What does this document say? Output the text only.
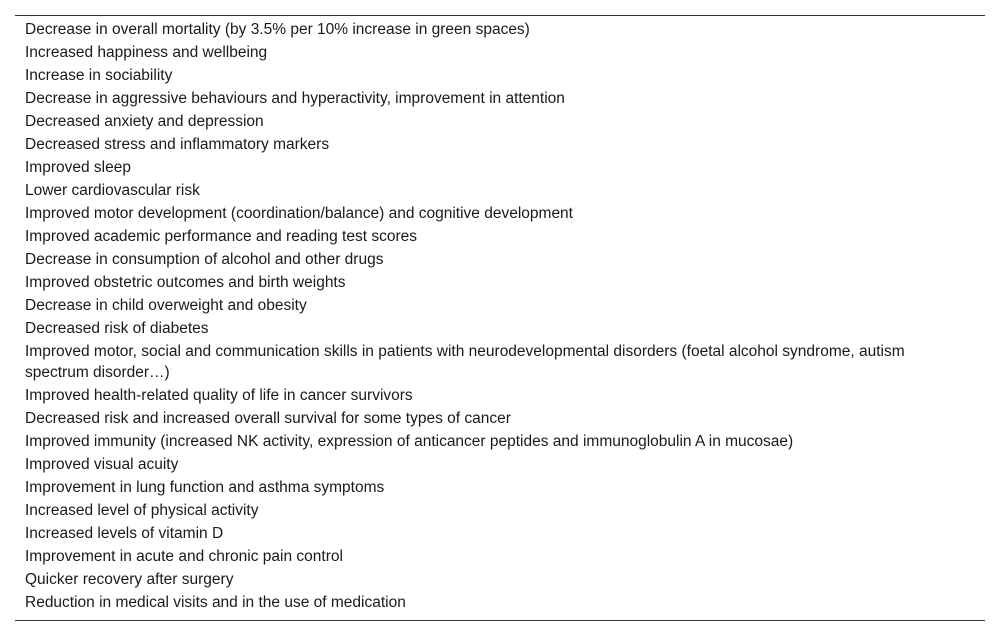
Decrease in overall mortality (by 3.5% per 10% increase in green spaces)
Increased happiness and wellbeing
Increase in sociability
Decrease in aggressive behaviours and hyperactivity, improvement in attention
Decreased anxiety and depression
Decreased stress and inflammatory markers
Improved sleep
Lower cardiovascular risk
Improved motor development (coordination/balance) and cognitive development
Improved academic performance and reading test scores
Decrease in consumption of alcohol and other drugs
Improved obstetric outcomes and birth weights
Decrease in child overweight and obesity
Decreased risk of diabetes
Improved motor, social and communication skills in patients with neurodevelopmental disorders (foetal alcohol syndrome, autism spectrum disorder…)
Improved health-related quality of life in cancer survivors
Decreased risk and increased overall survival for some types of cancer
Improved immunity (increased NK activity, expression of anticancer peptides and immunoglobulin A in mucosae)
Improved visual acuity
Improvement in lung function and asthma symptoms
Increased level of physical activity
Increased levels of vitamin D
Improvement in acute and chronic pain control
Quicker recovery after surgery
Reduction in medical visits and in the use of medication
